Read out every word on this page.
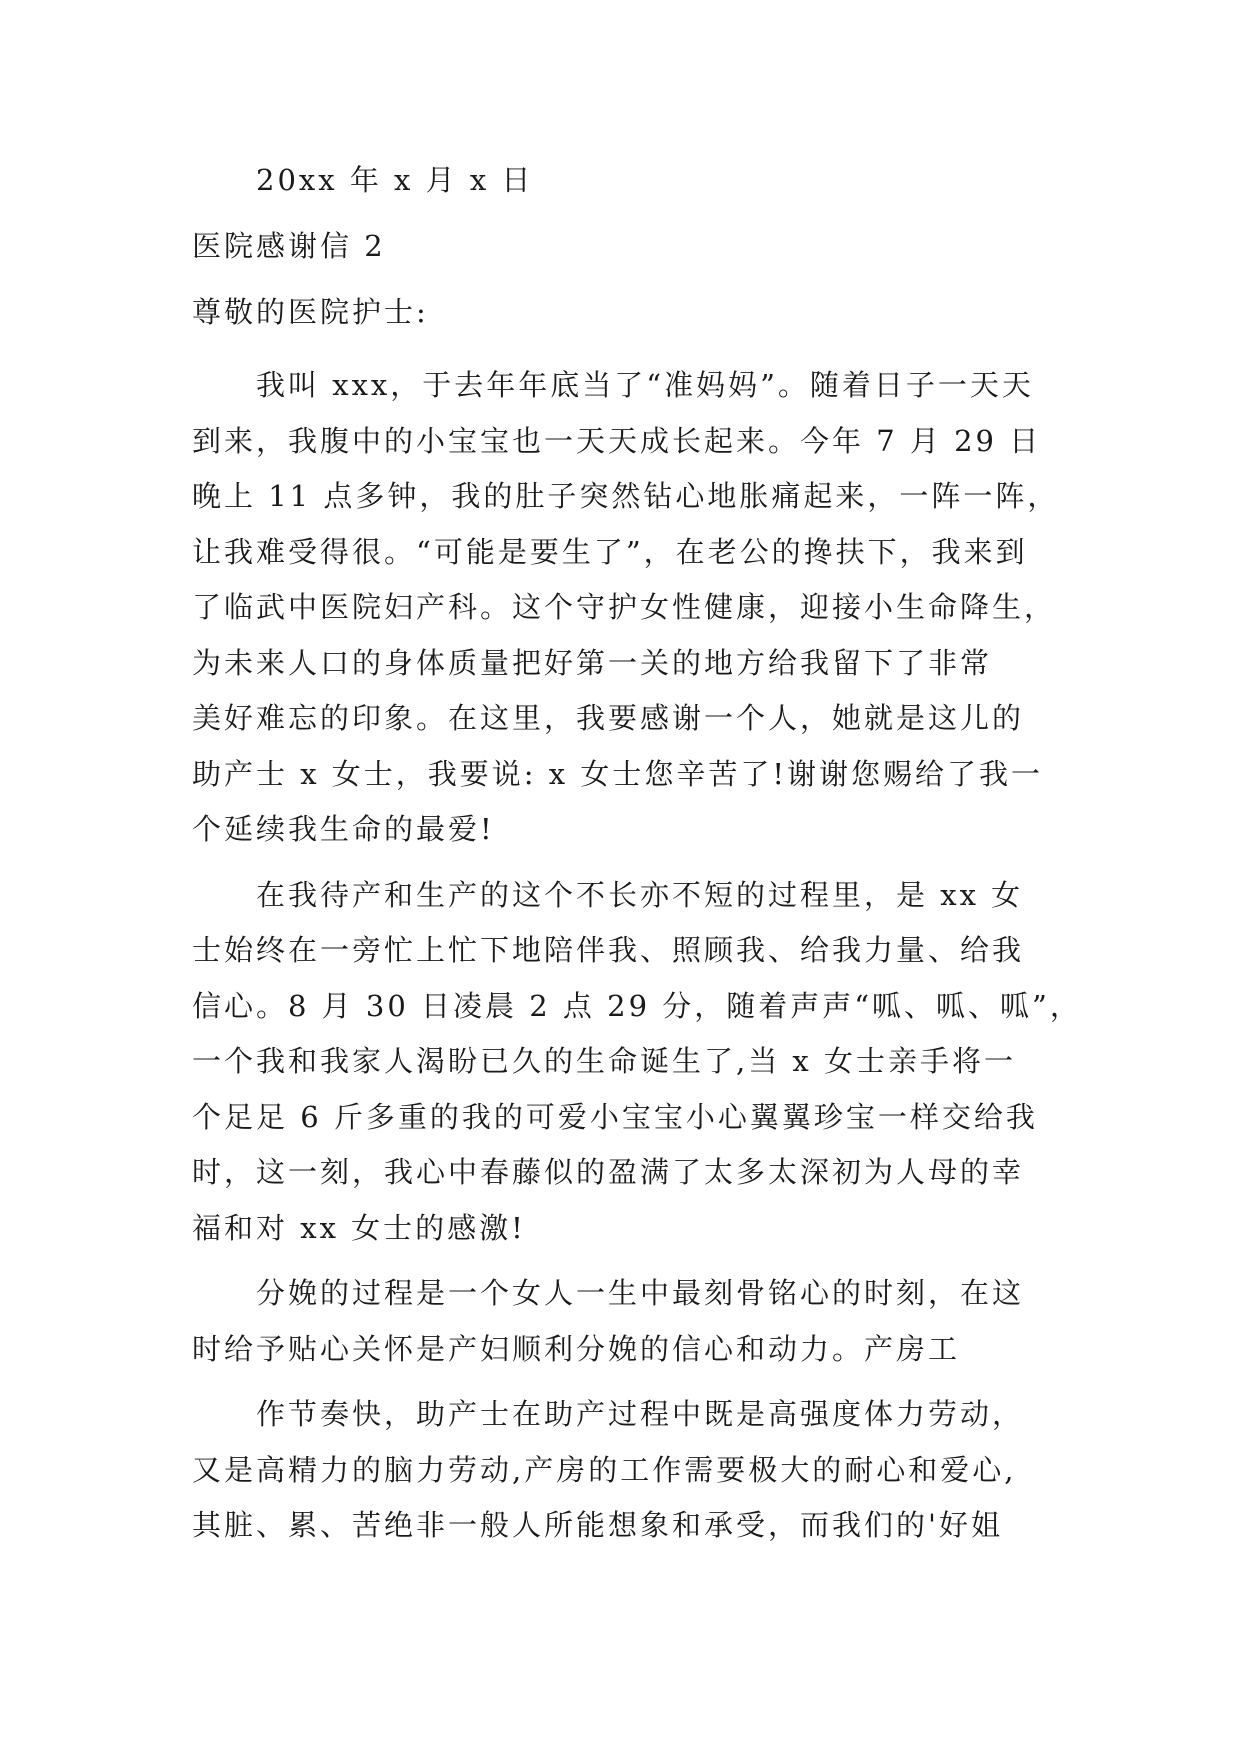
20xx 年 x 月 x 日

医院感谢信 2

尊敬的医院护士:

我叫 xxx，于去年年底当了“准妈妈”。随着日子一天天

到来，我腹中的小宝宝也一天天成长起来。今年 7 月 29 日

晚上 11 点多钟，我的肚子突然钻心地胀痛起来，一阵一阵，

让我难受得很。“可能是要生了”，在老公的搀扶下，我来到

了临武中医院妇产科。这个守护女性健康，迎接小生命降生，

为未来人口的身体质量把好第一关的地方给我留下了非常

美好难忘的印象。在这里，我要感谢一个人，她就是这儿的

助产士 x 女士，我要说: x 女士您辛苦了!谢谢您赐给了我一

个延续我生命的最爱!

在我待产和生产的这个不长亦不短的过程里，是 xx 女

士始终在一旁忙上忙下地陪伴我、照顾我、给我力量、给我

信心。8 月 30 日凌晨 2 点 29 分，随着声声“呱、呱、呱”，

一个我和我家人渴盼已久的生命诞生了,当 x 女士亲手将一

个足足 6 斤多重的我的可爱小宝宝小心翼翼珍宝一样交给我

时，这一刻，我心中春藤似的盈满了太多太深初为人母的幸

福和对 xx 女士的感激!

分娩的过程是一个女人一生中最刻骨铭心的时刻，在这

时给予贴心关怀是产妇顺利分娩的信心和动力。产房工

作节奏快，助产士在助产过程中既是高强度体力劳动，

又是高精力的脑力劳动,产房的工作需要极大的耐心和爱心,

其脏、累、苦绝非一般人所能想象和承受，而我们的'好姐
